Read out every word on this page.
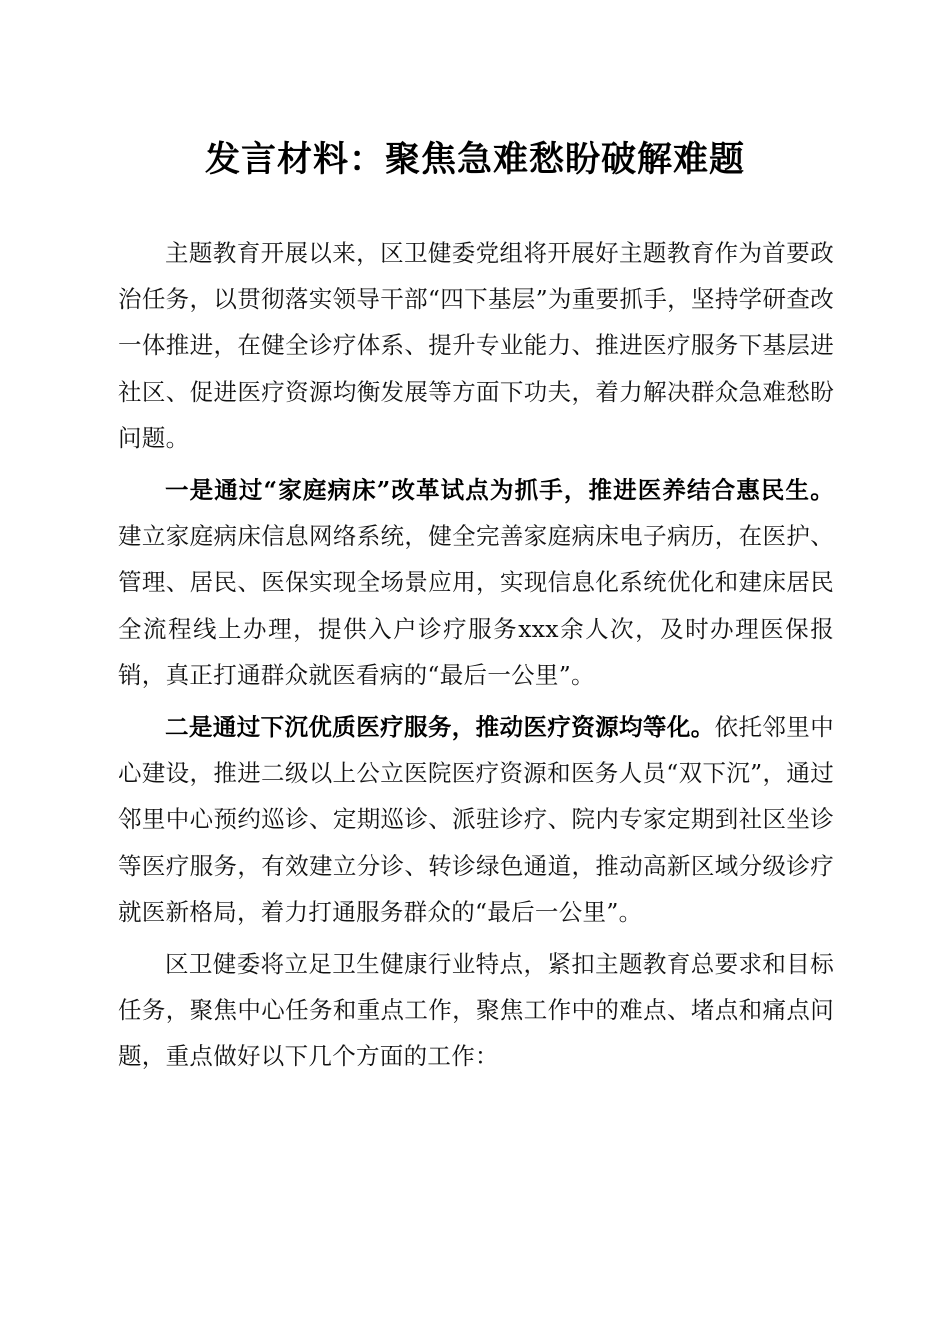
发言材料：聚焦急难愁盼破解难题

主题教育开展以来，区卫健委党组将开展好主题教育作为首要政治任务，以贯彻落实领导干部“四下基层”为重要抓手，坚持学研查改一体推进，在健全诊疗体系、提升专业能力、推进医疗服务下基层进社区、促进医疗资源均衡发展等方面下功夫，着力解决群众急难愁盼问题。

一是通过“家庭病床”改革试点为抓手，推进医养结合惠民生。建立家庭病床信息网络系统，健全完善家庭病床电子病历，在医护、管理、居民、医保实现全场景应用，实现信息化系统优化和建床居民全流程线上办理，提供入户诊疗服务xxx余人次，及时办理医保报销，真正打通群众就医看病的“最后一公里”。

二是通过下沉优质医疗服务，推动医疗资源均等化。依托邻里中心建设，推进二级以上公立医院医疗资源和医务人员“双下沉”，通过邻里中心预约巡诊、定期巡诊、派驻诊疗、院内专家定期到社区坐诊等医疗服务，有效建立分诊、转诊绿色通道，推动高新区域分级诊疗就医新格局，着力打通服务群众的“最后一公里”。

区卫健委将立足卫生健康行业特点，紧扣主题教育总要求和目标任务，聚焦中心任务和重点工作，聚焦工作中的难点、堵点和痛点问题，重点做好以下几个方面的工作：
